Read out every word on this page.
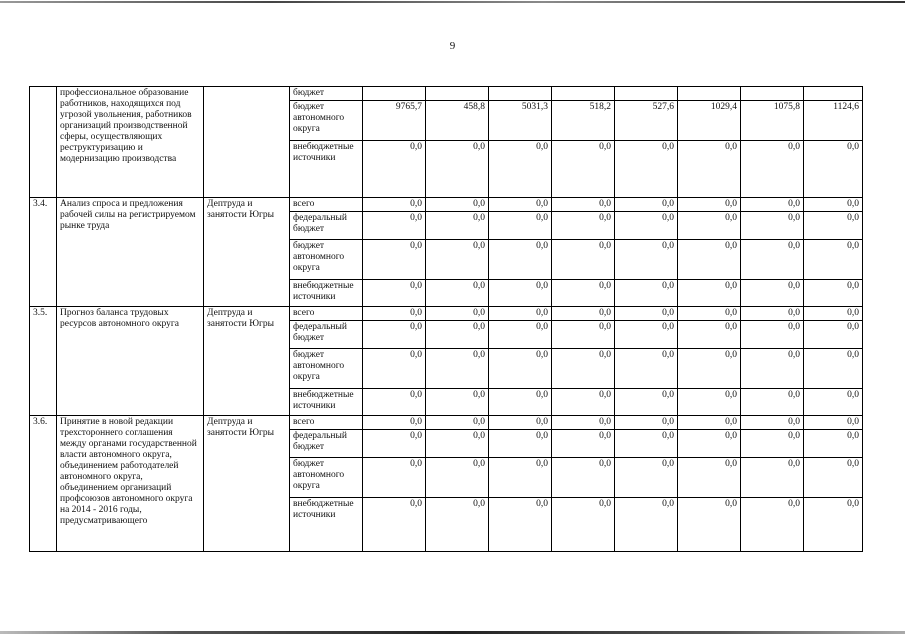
9
	профессиональное образование работников, находящихся под угрозой увольнения, работников организаций производственной сферы, осуществляющих реструктуризацию и модернизацию производства		бюджет								
			бюджет автономного округа	9765,7	458,8	5031,3	518,2	527,6	1029,4	1075,8	1124,6
			внебюджетные источники	0,0	0,0	0,0	0,0	0,0	0,0	0,0	0,0
3.4.	Анализ спроса и предложения рабочей силы на регистрируемом рынке труда	Дептруда и занятости Югры	всего	0,0	0,0	0,0	0,0	0,0	0,0	0,0	0,0
			федеральный бюджет	0,0	0,0	0,0	0,0	0,0	0,0	0,0	0,0
			бюджет автономного округа	0,0	0,0	0,0	0,0	0,0	0,0	0,0	0,0
			внебюджетные источники	0,0	0,0	0,0	0,0	0,0	0,0	0,0	0,0
3.5.	Прогноз баланса трудовых ресурсов автономного округа	Дептруда и занятости Югры	всего	0,0	0,0	0,0	0,0	0,0	0,0	0,0	0,0
			федеральный бюджет	0,0	0,0	0,0	0,0	0,0	0,0	0,0	0,0
			бюджет автономного округа	0,0	0,0	0,0	0,0	0,0	0,0	0,0	0,0
			внебюджетные источники	0,0	0,0	0,0	0,0	0,0	0,0	0,0	0,0
3.6.	Принятие в новой редакции трехстороннего соглашения между органами государственной власти автономного округа, объединением работодателей автономного округа, объединением организаций профсоюзов автономного округа на 2014 - 2016 годы, предусматривающего	Дептруда и занятости Югры	всего	0,0	0,0	0,0	0,0	0,0	0,0	0,0	0,0
			федеральный бюджет	0,0	0,0	0,0	0,0	0,0	0,0	0,0	0,0
			бюджет автономного округа	0,0	0,0	0,0	0,0	0,0	0,0	0,0	0,0
			внебюджетные источники	0,0	0,0	0,0	0,0	0,0	0,0	0,0	0,0
